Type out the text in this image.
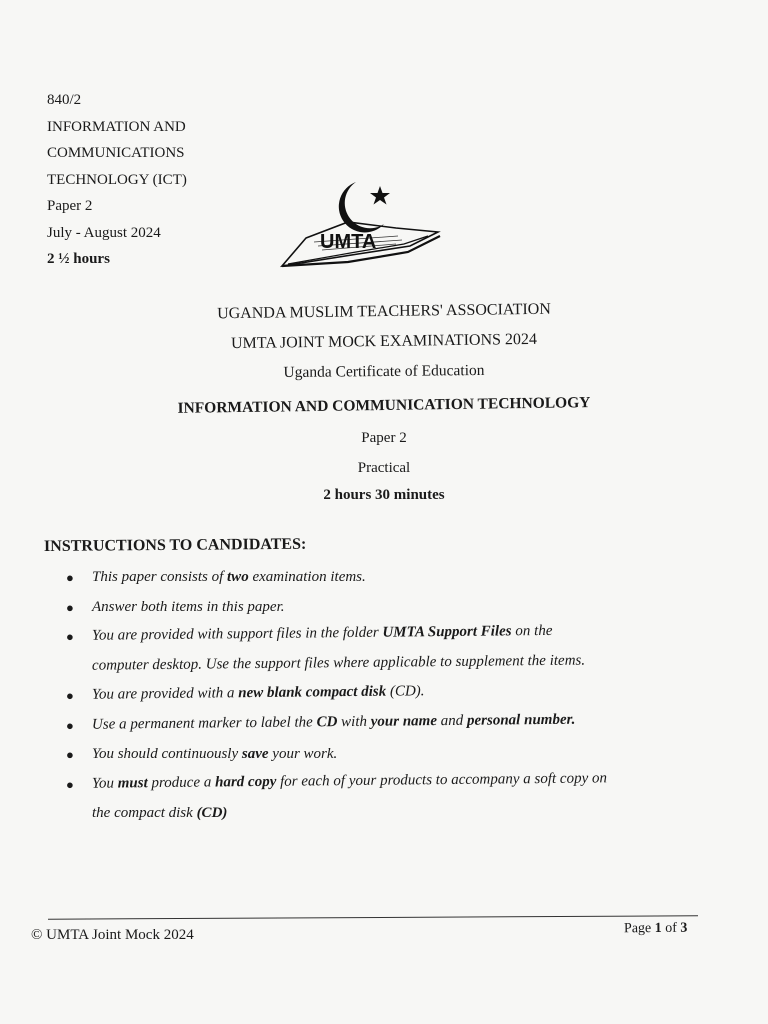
840/2
INFORMATION AND
COMMUNICATIONS
TECHNOLOGY (ICT)
Paper 2
July - August 2024
2 ½ hours
UMTA
UGANDA MUSLIM TEACHERS' ASSOCIATION
UMTA JOINT MOCK EXAMINATIONS 2024
Uganda Certificate of Education
INFORMATION AND COMMUNICATION TECHNOLOGY
Paper 2
Practical
2 hours 30 minutes
INSTRUCTIONS TO CANDIDATES:
● This paper consists of two examination items.
● Answer both items in this paper.
● You are provided with support files in the folder UMTA Support Files on the
computer desktop. Use the support files where applicable to supplement the items.
● You are provided with a new blank compact disk (CD).
● Use a permanent marker to label the CD with your name and personal number.
● You should continuously save your work.
● You must produce a hard copy for each of your products to accompany a soft copy on
the compact disk (CD)
© UMTA Joint Mock 2024	Page 1 of 3
